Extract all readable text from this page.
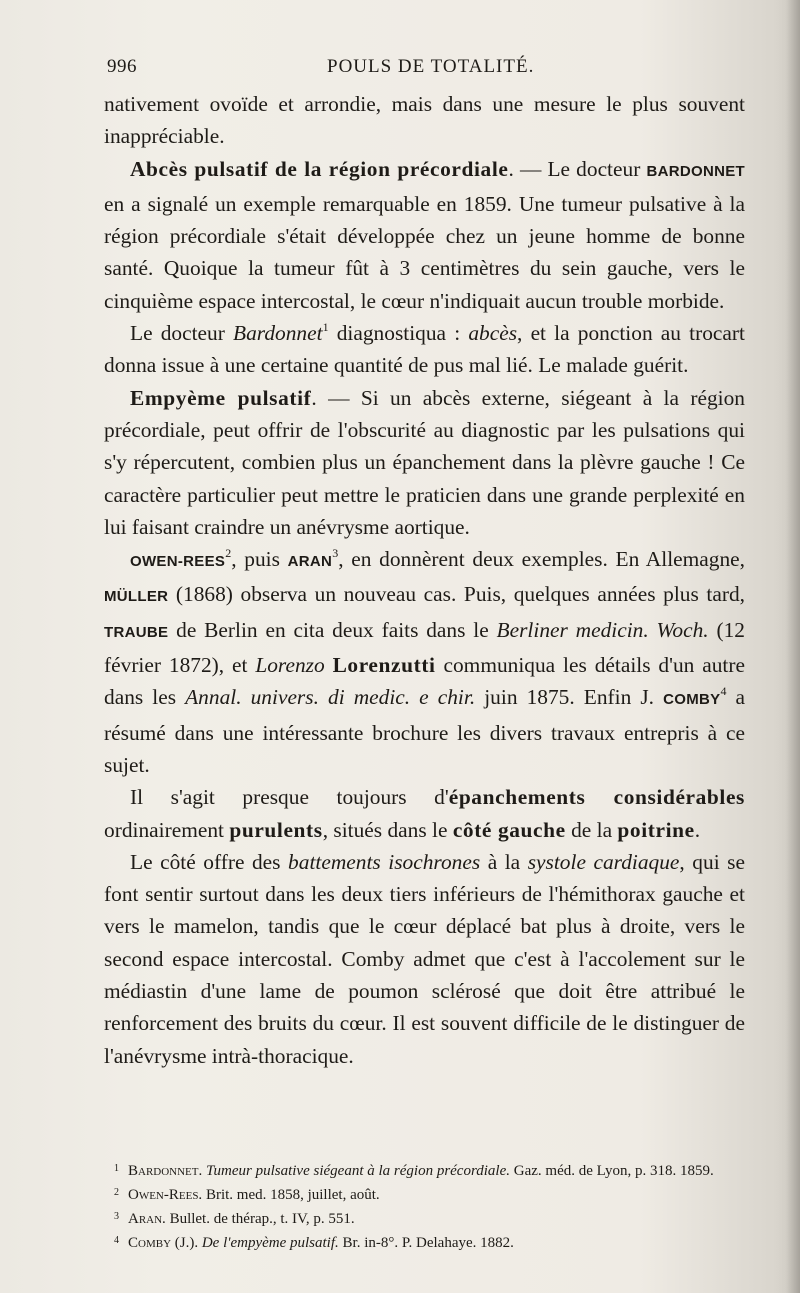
996	POULS DE TOTALITÉ.

nativement ovoïde et arrondie, mais dans une mesure le plus souvent inappréciable.

Abcès pulsatif de la région précordiale. — Le docteur BARDONNET en a signalé un exemple remarquable en 1859. Une tumeur pulsative à la région précordiale s'était développée chez un jeune homme de bonne santé. Quoique la tumeur fût à 3 centimètres du sein gauche, vers le cinquième espace intercostal, le cœur n'indiquait aucun trouble morbide.

Le docteur Bardonnet$^1$ diagnostiqua : abcès, et la ponction au trocart donna issue à une certaine quantité de pus mal lié. Le malade guérit.

Empyème pulsatif. — Si un abcès externe, siégeant à la région précordiale, peut offrir de l'obscurité au diagnostic par les pulsations qui s'y répercutent, combien plus un épanchement dans la plèvre gauche ! Ce caractère particulier peut mettre le praticien dans une grande perplexité en lui faisant craindre un anévrysme aortique.

OWEN-REES$^2$, puis ARAN$^3$, en donnèrent deux exemples. En Allemagne, MÜLLER (1868) observa un nouveau cas. Puis, quelques années plus tard, TRAUBE de Berlin en cita deux faits dans le Berliner medicin. Woch. (12 février 1872), et Lorenzo Lorenzutti communiqua les détails d'un autre dans les Annal. univers. di medic. e chir. juin 1875. Enfin J. COMBY$^4$ a résumé dans une intéressante brochure les divers travaux entrepris à ce sujet.

Il s'agit presque toujours d'épanchements considérables ordinairement purulents, situés dans le côté gauche de la poitrine.

Le côté offre des battements isochrones à la systole cardiaque, qui se font sentir surtout dans les deux tiers inférieurs de l'hémithorax gauche et vers le mamelon, tandis que le cœur déplacé bat plus à droite, vers le second espace intercostal. Comby admet que c'est à l'accolement sur le médiastin d'une lame de poumon sclérosé que doit être attribué le renforcement des bruits du cœur. Il est souvent difficile de le distinguer de l'anévrysme intrà-thoracique.

1 Bardonnet. Tumeur pulsative siégeant à la région précordiale. Gaz. méd. de Lyon, p. 318. 1859.

2 Owen-Rees. Brit. med. 1858, juillet, août.

3 Aran. Bullet. de thérap., t. IV, p. 551.

4 Comby (J.). De l'empyème pulsatif. Br. in-8°. P. Delahaye. 1882.
